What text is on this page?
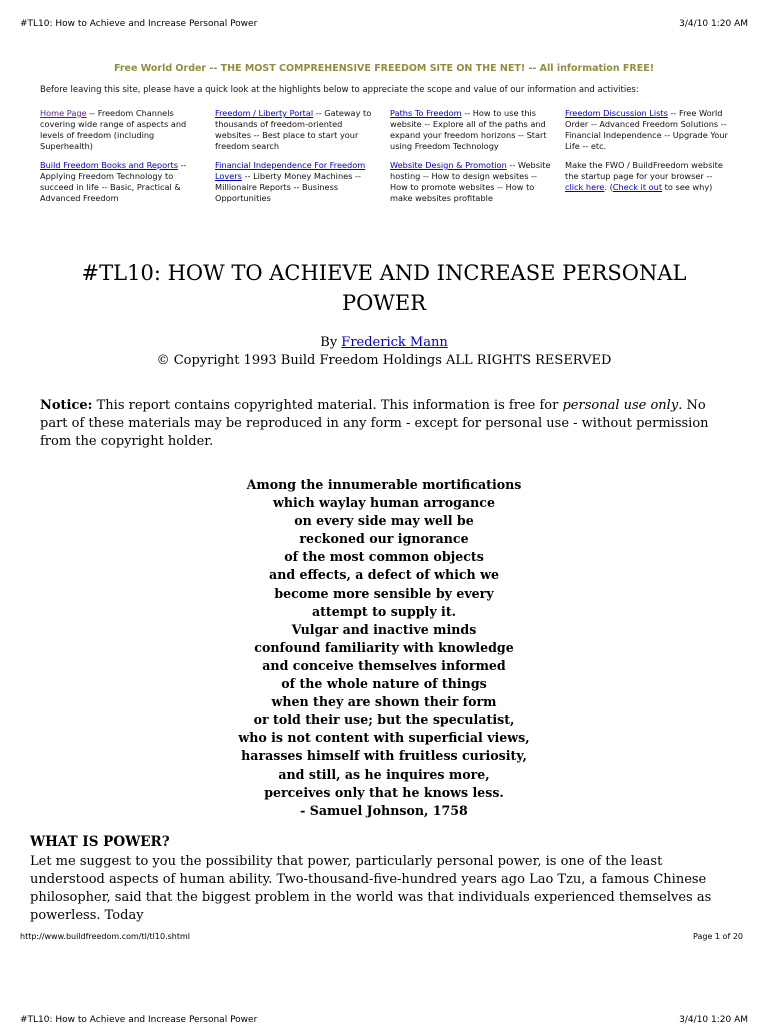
#TL10: How to Achieve and Increase Personal Power	3/4/10 1:20 AM
Free World Order -- THE MOST COMPREHENSIVE FREEDOM SITE ON THE NET! -- All information FREE!
Before leaving this site, please have a quick look at the highlights below to appreciate the scope and value of our information and activities:
Home Page -- Freedom Channels covering wide range of aspects and levels of freedom (including Superhealth)
Freedom / Liberty Portal -- Gateway to thousands of freedom-oriented websites -- Best place to start your freedom search
Paths To Freedom -- How to use this website -- Explore all of the paths and expand your freedom horizons -- Start using Freedom Technology
Freedom Discussion Lists -- Free World Order -- Advanced Freedom Solutions -- Financial Independence -- Upgrade Your Life -- etc.
Build Freedom Books and Reports -- Applying Freedom Technology to succeed in life -- Basic, Practical & Advanced Freedom
Financial Independence For Freedom Lovers -- Liberty Money Machines -- Millionaire Reports -- Business Opportunities
Website Design & Promotion -- Website hosting -- How to design websites -- How to promote websites -- How to make websites profitable
Make the FWO / BuildFreedom website the startup page for your browser -- click here. (Check it out to see why)
#TL10: HOW TO ACHIEVE AND INCREASE PERSONAL POWER
By Frederick Mann
© Copyright 1993 Build Freedom Holdings ALL RIGHTS RESERVED
Notice: This report contains copyrighted material. This information is free for personal use only. No part of these materials may be reproduced in any form - except for personal use - without permission from the copyright holder.
Among the innumerable mortifications
which waylay human arrogance
on every side may well be
reckoned our ignorance
of the most common objects
and effects, a defect of which we
become more sensible by every
attempt to supply it.
Vulgar and inactive minds
confound familiarity with knowledge
and conceive themselves informed
of the whole nature of things
when they are shown their form
or told their use; but the speculatist,
who is not content with superficial views,
harasses himself with fruitless curiosity,
and still, as he inquires more,
perceives only that he knows less.
- Samuel Johnson, 1758
WHAT IS POWER?

Let me suggest to you the possibility that power, particularly personal power, is one of the least understood aspects of human ability. Two-thousand-five-hundred years ago Lao Tzu, a famous Chinese philosopher, said that the biggest problem in the world was that individuals experienced themselves as powerless. Today

http://www.buildfreedom.com/tl/tl10.shtml	Page 1 of 20
#TL10: How to Achieve and Increase Personal Power	3/4/10 1:20 AM
